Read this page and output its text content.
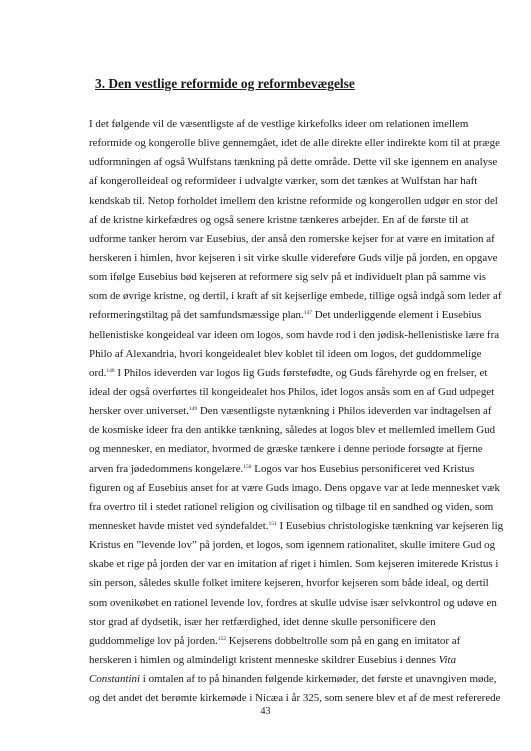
3. Den vestlige reformide og reformbevægelse
I det følgende vil de væsentligste af de vestlige kirkefolks ideer om relationen imellem
reformide og kongerolle blive gennemgået, idet de alle direkte eller indirekte kom til at præge
udformningen af også Wulfstans tænkning på dette område. Dette vil ske igennem en analyse
af kongerolleideal og reformideer i udvalgte værker, som det tænkes at Wulfstan har haft
kendskab til. Netop forholdet imellem den kristne reformide og kongerollen udgør en stor del
af de kristne kirkefædres og også senere kristne tænkeres arbejder. En af de første til at
udforme tanker herom var Eusebius, der anså den romerske kejser for at være en imitation af
herskeren i himlen, hvor kejseren i sit virke skulle videreføre Guds vilje på jorden, en opgave
som ifølge Eusebius bød kejseren at reformere sig selv på et individuelt plan på samme vis
som de øvrige kristne, og dertil, i kraft af sit kejserlige embede, tillige også indgå som leder af
reformeringstiltag på det samfundsmæssige plan.$^{147}$ Det underliggende element i Eusebius
hellenistiske kongeideal var ideen om logos, som havde rod i den jødisk-hellenistiske lære fra
Philo af Alexandria, hvori kongeidealet blev koblet til ideen om logos, det guddommelige
ord.$^{148}$ I Philos ideverden var logos lig Guds førstefødte, og Guds fårehyrde og en frelser, et
ideal der også overførtes til kongeidealet hos Philos, idet logos ansås som en af Gud udpeget
hersker over universet.$^{149}$ Den væsentligste nytænkning i Philos ideverden var indtagelsen af
de kosmiske ideer fra den antikke tænkning, således at logos blev et mellemled imellem Gud
og mennesker, en mediator, hvormed de græske tænkere i denne periode forsøgte at fjerne
arven fra jødedommens kongelære.$^{150}$ Logos var hos Eusebius personificeret ved Kristus
figuren og af Eusebius anset for at være Guds imago. Dens opgave var at lede mennesket væk
fra overtro til i stedet rationel religion og civilisation og tilbage til en sandhed og viden, som
mennesket havde mistet ved syndefaldet.$^{151}$ I Eusebius christologiske tænkning var kejseren lig
Kristus en ”levende lov” på jorden, et logos, som igennem rationalitet, skulle imitere Gud og
skabe et rige på jorden der var en imitation af riget i himlen. Som kejseren imiterede Kristus i
sin person, således skulle folket imitere kejseren, hvorfor kejseren som både ideal, og dertil
som ovenikøbet en rationel levende lov, fordres at skulle udvise især selvkontrol og udøve en
stor grad af dydsetik, især her retfærdighed, idet denne skulle personificere den
guddommelige lov på jorden.$^{152}$ Kejserens dobbeltrolle som på en gang en imitator af
herskeren i himlen og almindeligt kristent menneske skildrer Eusebius i dennes Vita
Constantini i omtalen af to på hinanden følgende kirkemøder, det første et unavngiven møde,
og det andet det berømte kirkemøde i Nicæa i år 325, som senere blev et af de mest refererede
43
